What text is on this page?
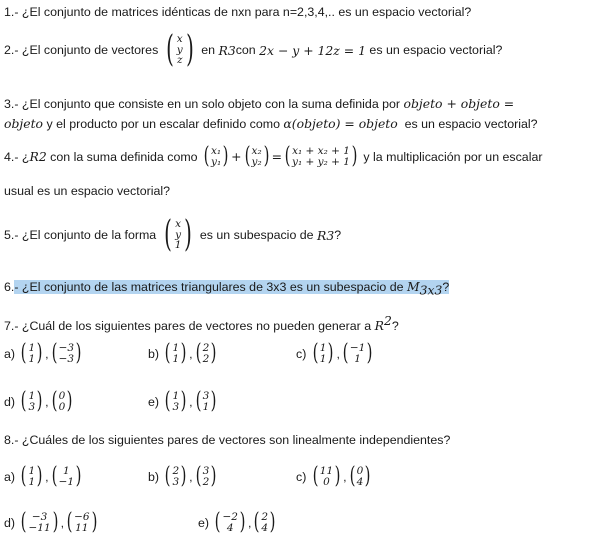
1.- ¿El conjunto de matrices idénticas de nxn para n=2,3,4,.. es un espacio vectorial?
2.- ¿El conjunto de vectores
( x
y
z )
en
R 3 con
2x − y + 12z = 1
es un espacio vectorial?
3.- ¿El conjunto que consiste en un solo objeto con la suma definida por objeto + objeto =
objeto y el producto por un escalar definido como α(objeto) = objeto es un espacio vectorial?
4.- ¿ R 2
con la suma definida como
( x₁
y₁ ) + ( x₂
y₂ ) = ( x₁ + x₂ + 1
y₁ + y₂ + 1 )
y la multiplicación por un escalar
usual es un espacio vectorial?
5.- ¿El conjunto de la forma
( x
y
1 )
es un subespacio de
R 3 ?
6.- ¿El conjunto de las matrices triangulares de 3x3 es un subespacio de $M_{3x3}$?
7.- ¿Cuál de los siguientes pares de vectores no pueden generar a $R^2$?
a)
( 1
1 ) , ( −3
−3 )	b)
( 1
1 ) , ( 2
2 )	c)
( 1
1 ) , ( −1
1 )
d)
( 1
3 ) , ( 0
0 )	e)
( 1
3 ) , ( 3
1 )
8.- ¿Cuáles de los siguientes pares de vectores son linealmente independientes?
a)
( 1
1 ) , ( 1
−1 )	b)
( 2
3 ) , ( 3
2 )	c)
( 11
0 ) , ( 0
4 )
d)
( −3
−11 ) , ( −6
11 )	e)
( −2
4 ) , ( 2
4 )
